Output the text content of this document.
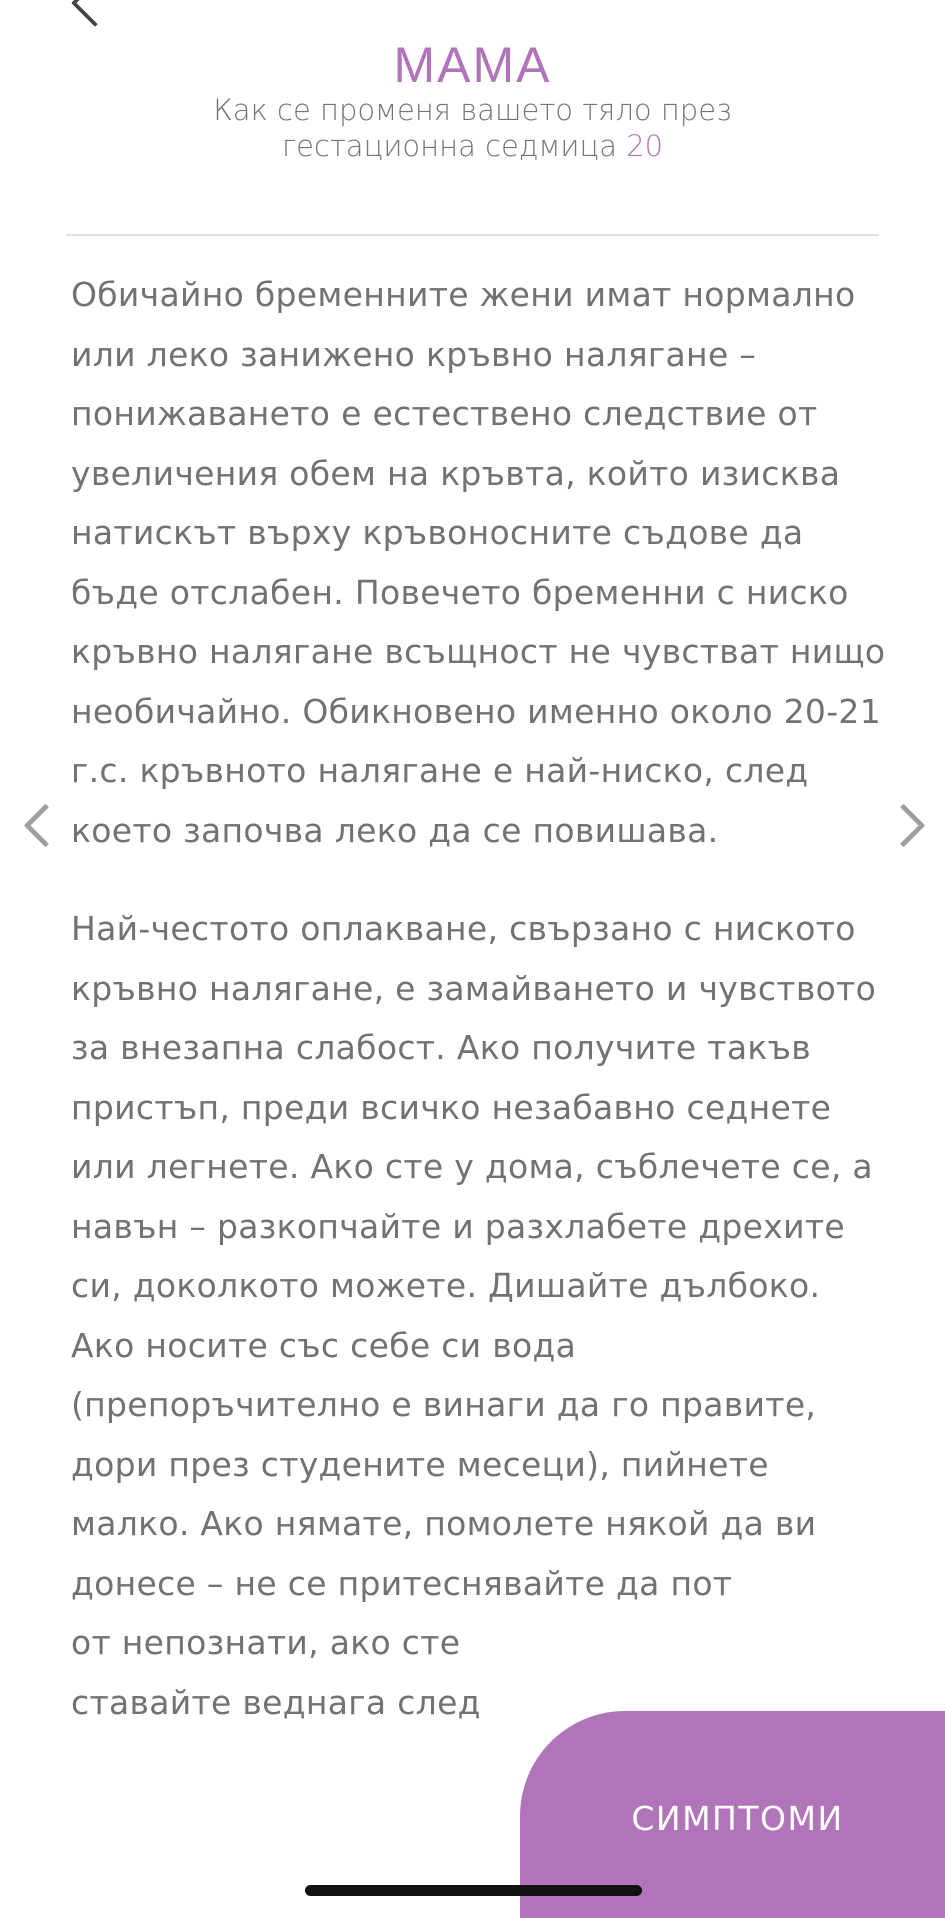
МАМА
Как се променя вашето тяло през гестационна седмица 20

Обичайно бременните жени имат нормално или леко занижено кръвно налягане – понижаването е естествено следствие от увеличения обем на кръвта, който изисква натискът върху кръвоносните съдове да бъде отслабен. Повечето бременни с ниско кръвно налягане всъщност не чувстват нищо необичайно. Обикновено именно около 20-21 г.с. кръвното налягане е най-ниско, след което започва леко да се повишава.

Най-честото оплакване, свързано с ниското кръвно налягане, е замайването и чувството за внезапна слабост. Ако получите такъв пристъп, преди всичко незабавно седнете или легнете. Ако сте у дома, съблечете се, а навън – разкопчайте и разхлабете дрехите си, доколкото можете. Дишайте дълбоко. Ако носите със себе си вода (препоръчително е винаги да го правите, дори през студените месеци), пийнете малко. Ако нямате, помолете някой да ви донесе – не се притеснявайте да пот
от непознати, ако сте
ставайте веднага след

СИМПТОМИ
